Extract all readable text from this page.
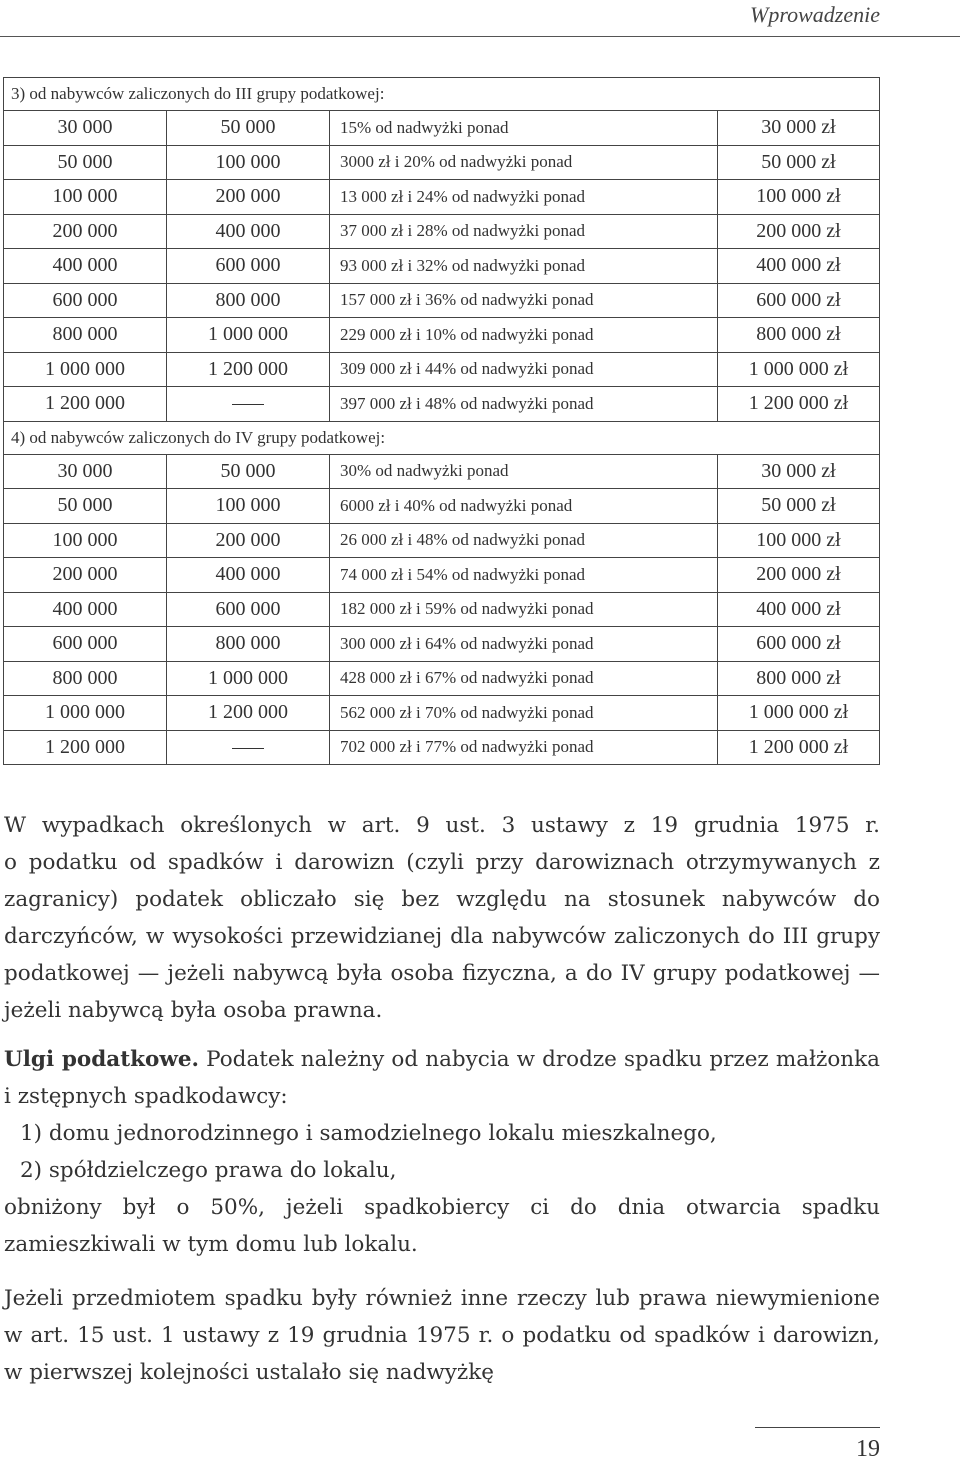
Wprowadzenie
3) od nabywców zaliczonych do III grupy podatkowej:			
30 000	50 000	15% od nadwyżki ponad	30 000 zł
50 000	100 000	3000 zł i 20% od nadwyżki ponad	50 000 zł
100 000	200 000	13 000 zł i 24% od nadwyżki ponad	100 000 zł
200 000	400 000	37 000 zł i 28% od nadwyżki ponad	200 000 zł
400 000	600 000	93 000 zł i 32% od nadwyżki ponad	400 000 zł
600 000	800 000	157 000 zł i 36% od nadwyżki ponad	600 000 zł
800 000	1 000 000	229 000 zł i 10% od nadwyżki ponad	800 000 zł
1 000 000	1 200 000	309 000 zł i 44% od nadwyżki ponad	1 000 000 zł
1 200 000		397 000 zł i 48% od nadwyżki ponad	1 200 000 zł
4) od nabywców zaliczonych do IV grupy podatkowej:			
30 000	50 000	30% od nadwyżki ponad	30 000 zł
50 000	100 000	6000 zł i 40% od nadwyżki ponad	50 000 zł
100 000	200 000	26 000 zł i 48% od nadwyżki ponad	100 000 zł
200 000	400 000	74 000 zł i 54% od nadwyżki ponad	200 000 zł
400 000	600 000	182 000 zł i 59% od nadwyżki ponad	400 000 zł
600 000	800 000	300 000 zł i 64% od nadwyżki ponad	600 000 zł
800 000	1 000 000	428 000 zł i 67% od nadwyżki ponad	800 000 zł
1 000 000	1 200 000	562 000 zł i 70% od nadwyżki ponad	1 000 000 zł
1 200 000		702 000 zł i 77% od nadwyżki ponad	1 200 000 zł

W wypadkach określonych w art. 9 ust. 3 ustawy z 19 grudnia 1975 r.
o podatku od spadków i darowizn (czyli przy darowiznach otrzymywanych z zagranicy) podatek obliczało się bez względu na stosunek nabywców do darczyńców, w wysokości przewidzianej dla nabywców zaliczonych do III grupy podatkowej — jeżeli nabywcą była osoba fizyczna, a do IV grupy podatkowej — jeżeli nabywcą była osoba prawna.

Ulgi podatkowe. Podatek należny od nabycia w drodze spadku przez małżonka i zstępnych spadkodawcy:

1) domu jednorodzinnego i samodzielnego lokalu mieszkalnego,

2) spółdzielczego prawa do lokalu,

obniżony był o 50%, jeżeli spadkobiercy ci do dnia otwarcia spadku zamieszkiwali w tym domu lub lokalu.

Jeżeli przedmiotem spadku były również inne rzeczy lub prawa niewymienione w art. 15 ust. 1 ustawy z 19 grudnia 1975 r. o podatku od spadków i darowizn, w pierwszej kolejności ustalało się nadwyżkę

19
